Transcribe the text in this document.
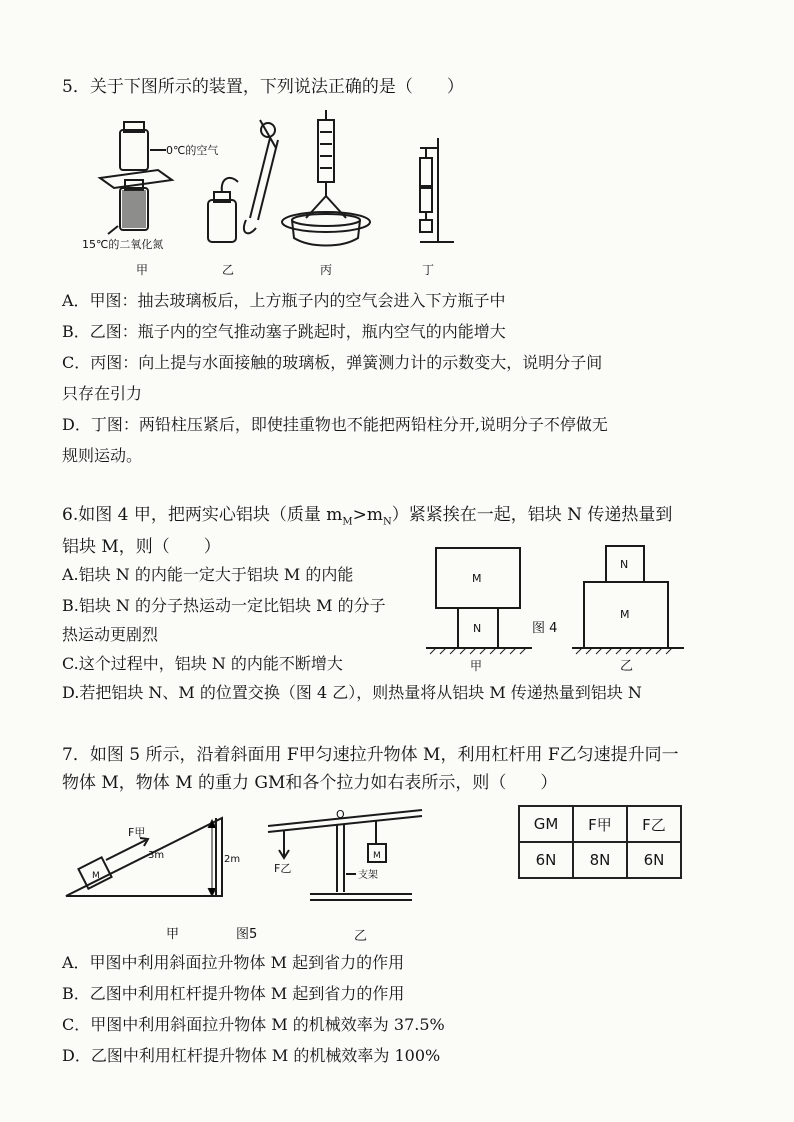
5．关于下图所示的装置，下列说法正确的是（　　）
0℃的空气
15℃的二氧化氮
甲	乙	丙	丁
A．甲图：抽去玻璃板后，上方瓶子内的空气会进入下方瓶子中
B．乙图：瓶子内的空气推动塞子跳起时，瓶内空气的内能增大
C．丙图：向上提与水面接触的玻璃板，弹簧测力计的示数变大，说明分子间
只存在引力
D．丁图：两铅柱压紧后，即使挂重物也不能把两铅柱分开,说明分子不停做无
规则运动。
6.如图 4 甲，把两实心铝块（质量 $m_M>m_N$）紧紧挨在一起，铝块 N 传递热量到
铝块 M，则（　　）
A.铝块 N 的内能一定大于铝块 M 的内能
B.铝块 N 的分子热运动一定比铝块 M 的分子
热运动更剧烈
C.这个过程中，铝块 N 的内能不断增大
D.若把铝块 N、M 的位置交换（图 4 乙），则热量将从铝块 M 传递热量到铝块 N
M
N
N
M
图 4
甲	乙
7．如图 5 所示，沿着斜面用 F甲匀速拉升物体 M，利用杠杆用 F乙匀速提升同一
物体 M，物体 M 的重力 GM和各个拉力如右表所示，则（　　）
GM	F甲	F乙
6N	8N	6N
F甲
3m	2m
M
O
F乙
M
支架
甲	图5	乙
A．甲图中利用斜面拉升物体 M 起到省力的作用
B．乙图中利用杠杆提升物体 M 起到省力的作用
C．甲图中利用斜面拉升物体 M 的机械效率为 37.5%
D．乙图中利用杠杆提升物体 M 的机械效率为 100%
